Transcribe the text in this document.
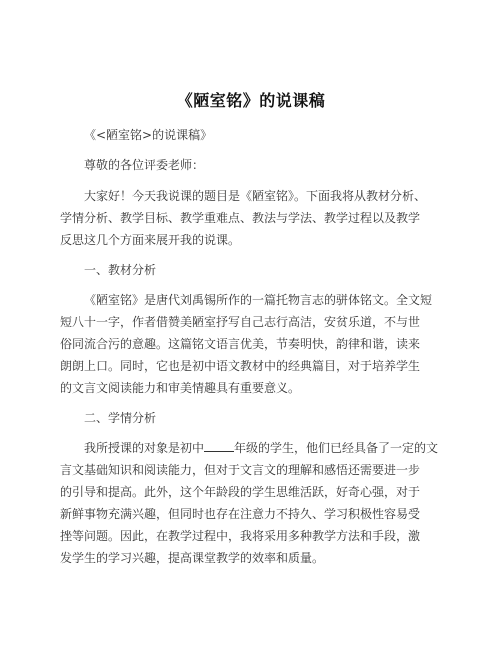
《陋室铭》的说课稿
《<陋室铭>的说课稿》
尊敬的各位评委老师：
大家好！今天我说课的题目是《陋室铭》。下面我将从教材分析、
学情分析、教学目标、教学重难点、教法与学法、教学过程以及教学
反思这几个方面来展开我的说课。
一、教材分析
《陋室铭》是唐代刘禹锡所作的一篇托物言志的骈体铭文。全文短
短八十一字，作者借赞美陋室抒写自己志行高洁，安贫乐道，不与世
俗同流合污的意趣。这篇铭文语言优美，节奏明快，韵律和谐，读来
朗朗上口。同时，它也是初中语文教材中的经典篇目，对于培养学生
的文言文阅读能力和审美情趣具有重要意义。
二、学情分析
我所授课的对象是初中	年级的学生，他们已经具备了一定的文
言文基础知识和阅读能力，但对于文言文的理解和感悟还需要进一步
的引导和提高。此外，这个年龄段的学生思维活跃，好奇心强，对于
新鲜事物充满兴趣，但同时也存在注意力不持久、学习积极性容易受
挫等问题。因此，在教学过程中，我将采用多种教学方法和手段，激
发学生的学习兴趣，提高课堂教学的效率和质量。
